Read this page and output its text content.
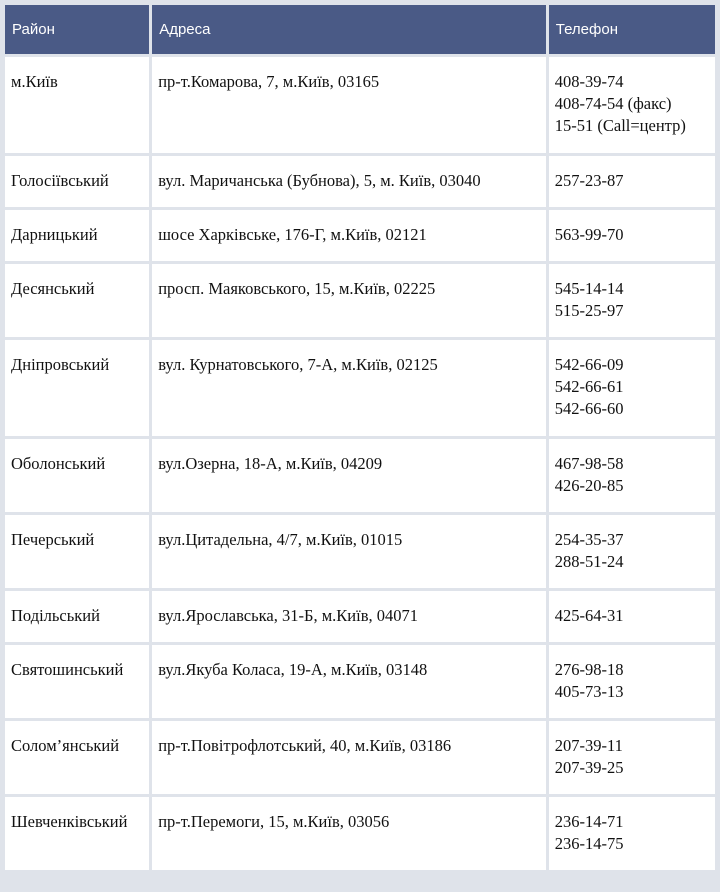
Район	Адреса	Телефон
м.Київ	пр-т.Комарова, 7, м.Київ, 03165	408-39-74
408-74-54 (факс)
15-51 (Call=центр)

Голосіївський	вул. Маричанська (Бубнова), 5, м. Київ, 03040	257-23-87

Дарницький	шосе Харківське, 176-Г, м.Київ, 02121	563-99-70

Десянський	просп. Маяковського, 15, м.Київ, 02225	545-14-14
515-25-97

Дніпровський	вул. Курнатовського, 7-А, м.Київ, 02125	542-66-09
542-66-61
542-66-60

Оболонський	вул.Озерна, 18-А, м.Київ, 04209	467-98-58
426-20-85

Печерський	вул.Цитадельна, 4/7, м.Київ, 01015	254-35-37
288-51-24

Подільський	вул.Ярославська, 31-Б, м.Київ, 04071	425-64-31

Святошинський	вул.Якуба Коласа, 19-А, м.Київ, 03148	276-98-18
405-73-13

Солом’янський	пр-т.Повітрофлотський, 40, м.Київ, 03186	207-39-11
207-39-25

Шевченківський	пр-т.Перемоги, 15, м.Київ, 03056	236-14-71
236-14-75
